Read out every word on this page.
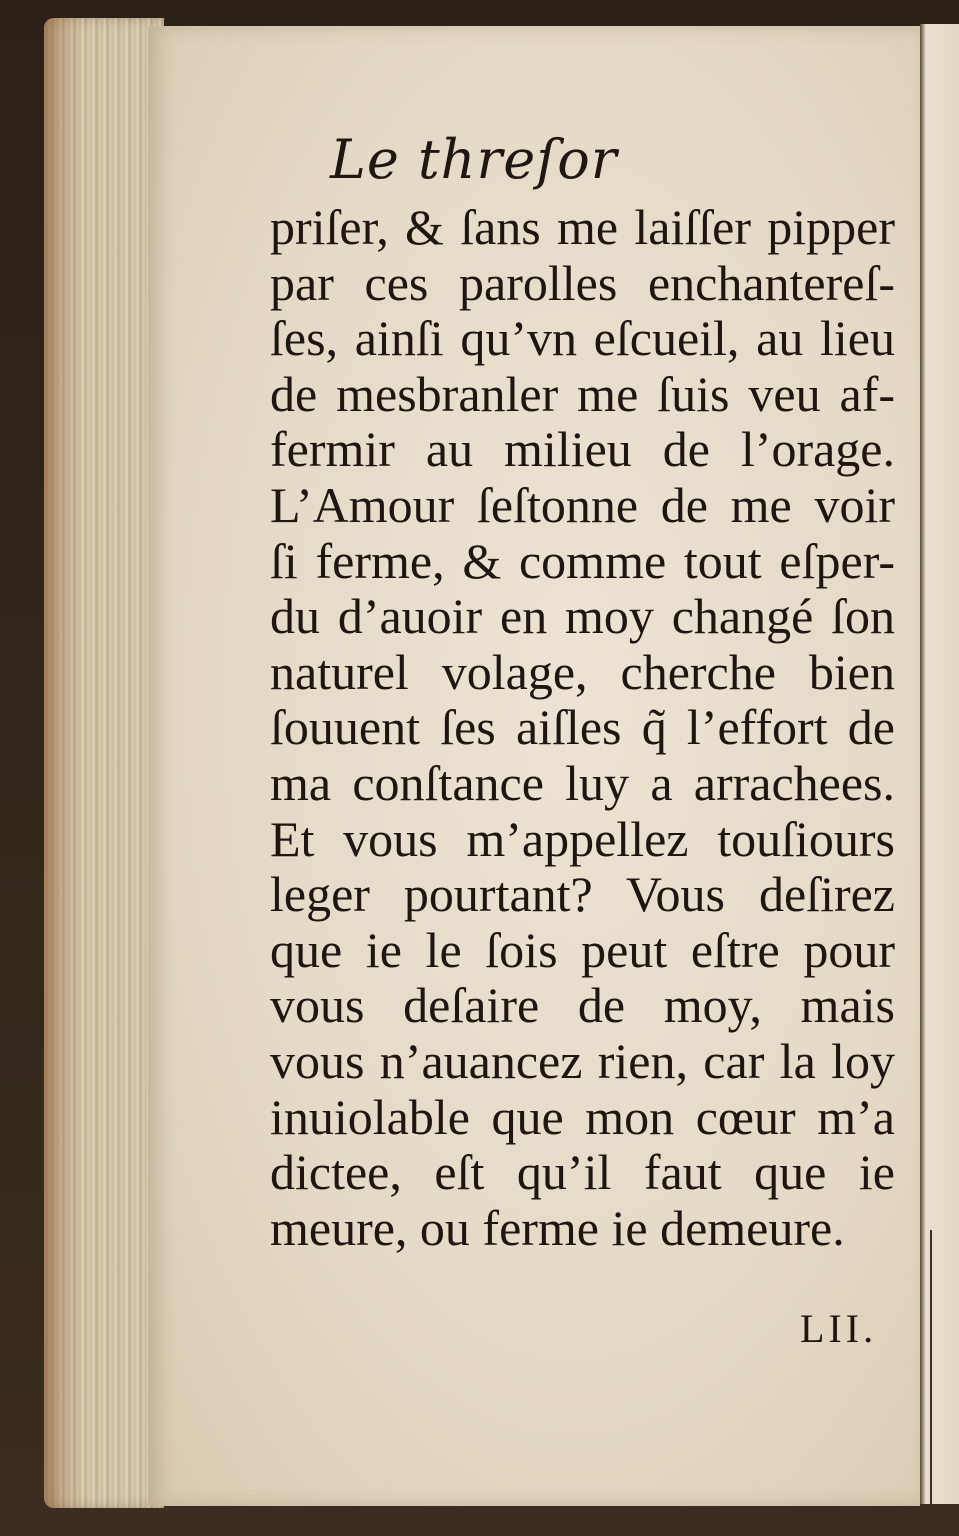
Le threſor
priſer, & ſans me laiſſer pipper
par ces parolles enchantereſ-
ſes, ainſi qu’vn eſcueil, au lieu
de mesbranler me ſuis veu af-
fermir au milieu de l’orage.
L’Amour ſeſtonne de me voir
ſi ferme, & comme tout eſper-
du d’auoir en moy changé ſon
naturel volage, cherche bien
ſouuent ſes aiſles q̃ l’effort de
ma conſtance luy a arrachees.
Et vous m’appellez touſiours
leger pourtant? Vous deſirez
que ie le ſois peut eſtre pour
vous deſaire de moy, mais
vous n’auancez rien, car la loy
inuiolable que mon cœur m’a
dictee, eſt qu’il faut que ie
meure, ou ferme ie demeure.
LII.
